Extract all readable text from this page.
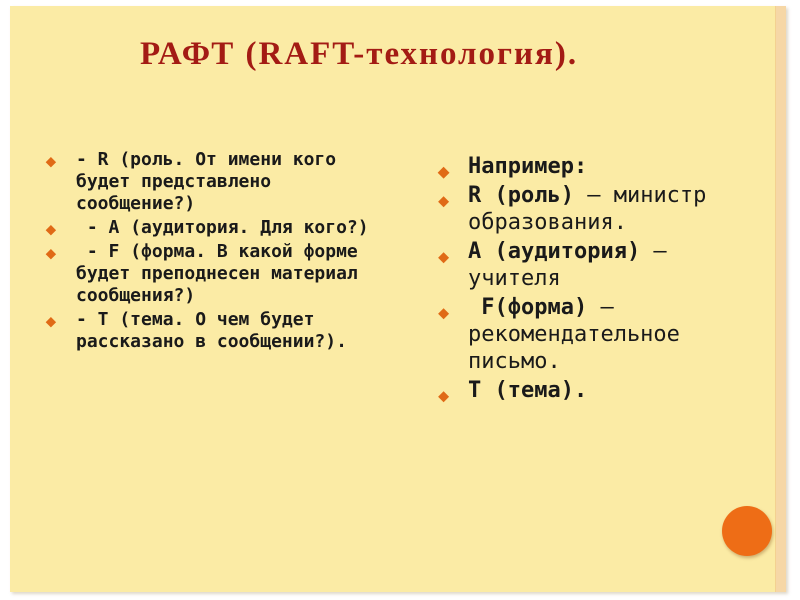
РАФТ (RAFT-технология).
⬥ - R (роль. От имени кого будет представлено сообщение?)
⬥ - A (аудитория. Для кого?)
⬥ - F (форма. В какой форме будет преподнесен материал сообщения?)
⬥ - T (тема. О чем будет рассказано в сообщении?).
⬥ Например:
⬥ R (роль) – министр образования.
⬥ A (аудитория) – учителя
⬥ F(форма) – рекомендательное письмо.
⬥ T (тема).
